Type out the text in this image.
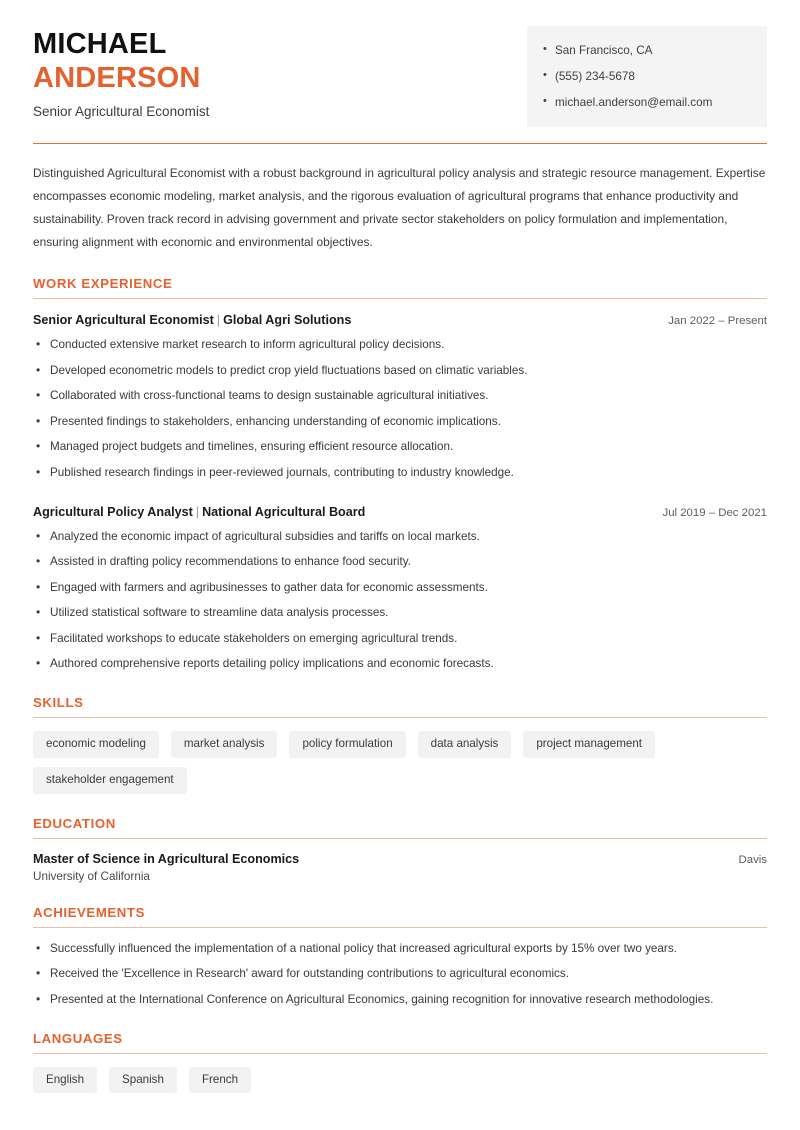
MICHAEL
ANDERSON
Senior Agricultural Economist
• San Francisco, CA
• (555) 234-5678
• michael.anderson@email.com

Distinguished Agricultural Economist with a robust background in agricultural policy analysis and strategic resource management. Expertise encompasses economic modeling, market analysis, and the rigorous evaluation of agricultural programs that enhance productivity and sustainability. Proven track record in advising government and private sector stakeholders on policy formulation and implementation, ensuring alignment with economic and environmental objectives.

WORK EXPERIENCE
Senior Agricultural Economist | Global Agri Solutions	Jan 2022 – Present
• Conducted extensive market research to inform agricultural policy decisions.
• Developed econometric models to predict crop yield fluctuations based on climatic variables.
• Collaborated with cross-functional teams to design sustainable agricultural initiatives.
• Presented findings to stakeholders, enhancing understanding of economic implications.
• Managed project budgets and timelines, ensuring efficient resource allocation.
• Published research findings in peer-reviewed journals, contributing to industry knowledge.
Agricultural Policy Analyst | National Agricultural Board	Jul 2019 – Dec 2021
• Analyzed the economic impact of agricultural subsidies and tariffs on local markets.
• Assisted in drafting policy recommendations to enhance food security.
• Engaged with farmers and agribusinesses to gather data for economic assessments.
• Utilized statistical software to streamline data analysis processes.
• Facilitated workshops to educate stakeholders on emerging agricultural trends.
• Authored comprehensive reports detailing policy implications and economic forecasts.
SKILLS
economic modeling	market analysis	policy formulation	data analysis	project management
stakeholder engagement
EDUCATION
Master of Science in Agricultural Economics	Davis
University of California
ACHIEVEMENTS
• Successfully influenced the implementation of a national policy that increased agricultural exports by 15% over two years.
• Received the 'Excellence in Research' award for outstanding contributions to agricultural economics.
• Presented at the International Conference on Agricultural Economics, gaining recognition for innovative research methodologies.
LANGUAGES
English	Spanish	French
